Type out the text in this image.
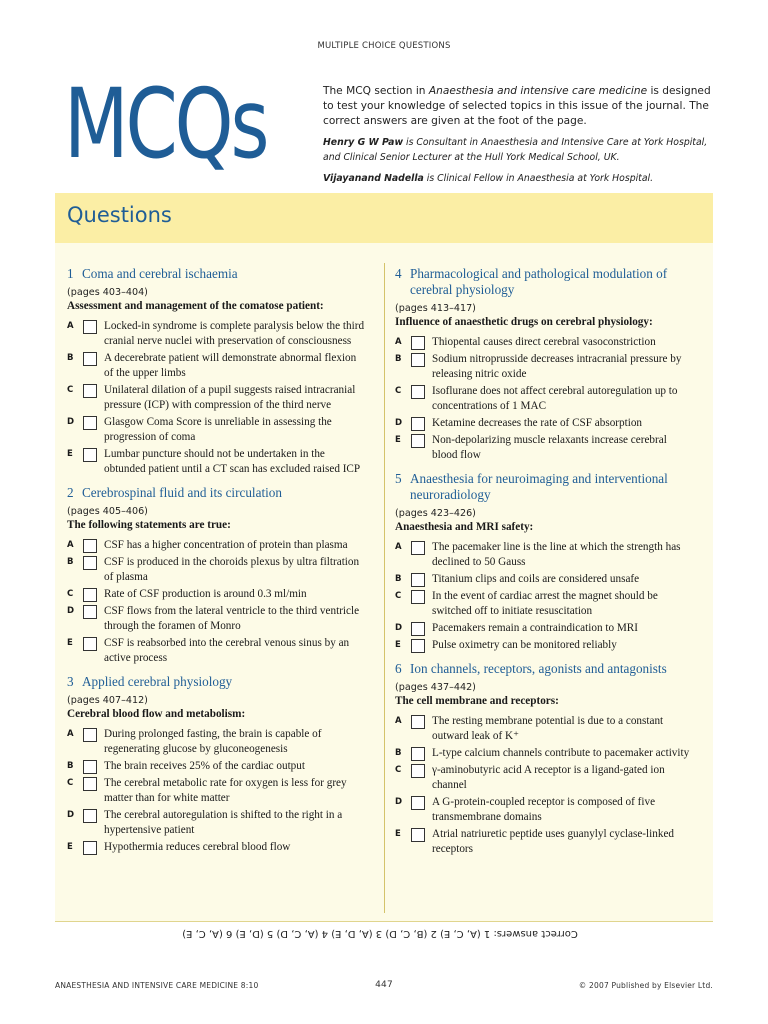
MULTIPLE CHOICE QUESTIONS
MCQs	The MCQ section in Anaesthesia and intensive care medicine is designed to test your knowledge of selected topics in this issue of the journal. The correct answers are given at the foot of the page.

Henry G W Paw is Consultant in Anaesthesia and Intensive Care at York Hospital, and Clinical Senior Lecturer at the Hull York Medical School, UK.

Vijayanand Nadella is Clinical Fellow in Anaesthesia at York Hospital.

Questions
1 Coma and cerebral ischaemia
(pages 403–404)
Assessment and management of the comatose patient:
A	Locked-in syndrome is complete paralysis below the third cranial nerve nuclei with preservation of consciousness
B	A decerebrate patient will demonstrate abnormal flexion of the upper limbs
C	Unilateral dilation of a pupil suggests raised intracranial pressure (ICP) with compression of the third nerve
D	Glasgow Coma Score is unreliable in assessing the progression of coma
E	Lumbar puncture should not be undertaken in the obtunded patient until a CT scan has excluded raised ICP
2 Cerebrospinal fluid and its circulation
(pages 405–406)
The following statements are true:
A	CSF has a higher concentration of protein than plasma
B	CSF is produced in the choroids plexus by ultra filtration of plasma
C	Rate of CSF production is around 0.3 ml/min
D	CSF flows from the lateral ventricle to the third ventricle through the foramen of Monro
E	CSF is reabsorbed into the cerebral venous sinus by an active process
3 Applied cerebral physiology
(pages 407–412)
Cerebral blood flow and metabolism:
A	During prolonged fasting, the brain is capable of regenerating glucose by gluconeogenesis
B	The brain receives 25% of the cardiac output
C	The cerebral metabolic rate for oxygen is less for grey matter than for white matter
D	The cerebral autoregulation is shifted to the right in a hypertensive patient
E	Hypothermia reduces cerebral blood flow
4 Pharmacological and pathological modulation of cerebral physiology
(pages 413–417)
Influence of anaesthetic drugs on cerebral physiology:
A	Thiopental causes direct cerebral vasoconstriction
B	Sodium nitroprusside decreases intracranial pressure by releasing nitric oxide
C	Isoflurane does not affect cerebral autoregulation up to concentrations of 1 MAC
D	Ketamine decreases the rate of CSF absorption
E	Non-depolarizing muscle relaxants increase cerebral blood flow
5 Anaesthesia for neuroimaging and interventional neuroradiology
(pages 423–426)
Anaesthesia and MRI safety:
A	The pacemaker line is the line at which the strength has declined to 50 Gauss
B	Titanium clips and coils are considered unsafe
C	In the event of cardiac arrest the magnet should be switched off to initiate resuscitation
D	Pacemakers remain a contraindication to MRI
E	Pulse oximetry can be monitored reliably
6 Ion channels, receptors, agonists and antagonists
(pages 437–442)
The cell membrane and receptors:
A	The resting membrane potential is due to a constant outward leak of K⁺
B	L-type calcium channels contribute to pacemaker activity
C	γ-aminobutyric acid A receptor is a ligand-gated ion channel
D	A G-protein-coupled receptor is composed of five transmembrane domains
E	Atrial natriuretic peptide uses guanylyl cyclase-linked receptors
Correct answers: 1 (A, C, E) 2 (B, C, D) 3 (A, D, E) 4 (A, C, D) 5 (D, E) 6 (A, C, E)
ANAESTHESIA AND INTENSIVE CARE MEDICINE 8:10	447	© 2007 Published by Elsevier Ltd.
